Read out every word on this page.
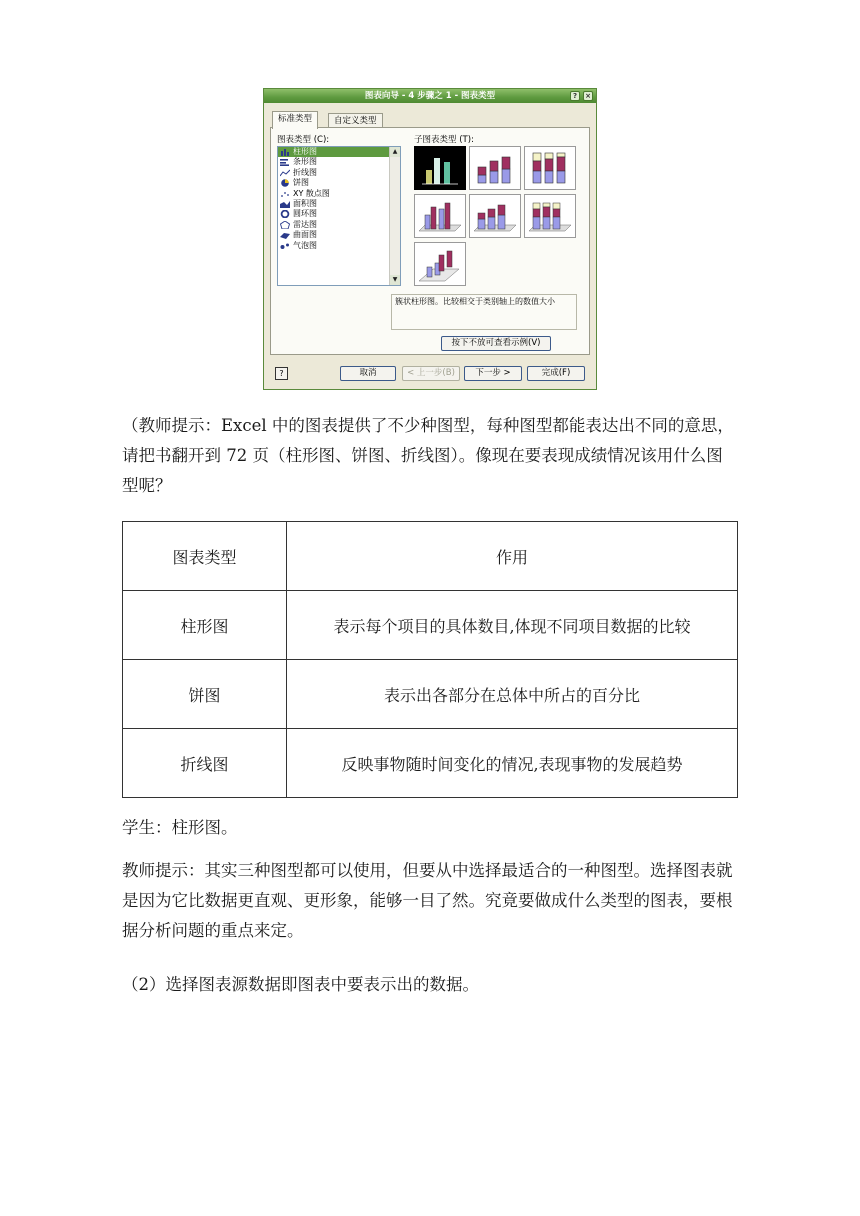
图表向导 - 4 步骤之 1 - 图表类型	?	×
标准类型	自定义类型
图表类型 (C):	子图表类型 (T):
柱形图
条形图
折线图
饼图
XY 散点图
面积图
圆环图
雷达图
曲面图
气泡图
▲
▼
簇状柱形图。比较相交于类别轴上的数值大小
按下不放可查看示例(V)
?	取消	< 上一步(B)	下一步 >	完成(F)
（教师提示：Excel 中的图表提供了不少种图型，每种图型都能表达出不同的意思，请把书翻开到 72 页（柱形图、饼图、折线图）。像现在要表现成绩情况该用什么图型呢？
图表类型	作用
柱形图	表示每个项目的具体数目,体现不同项目数据的比较
饼图	表示出各部分在总体中所占的百分比
折线图	反映事物随时间变化的情况,表现事物的发展趋势
学生：柱形图。
教师提示：其实三种图型都可以使用，但要从中选择最适合的一种图型。选择图表就是因为它比数据更直观、更形象，能够一目了然。究竟要做成什么类型的图表，要根据分析问题的重点来定。
（2）选择图表源数据即图表中要表示出的数据。
